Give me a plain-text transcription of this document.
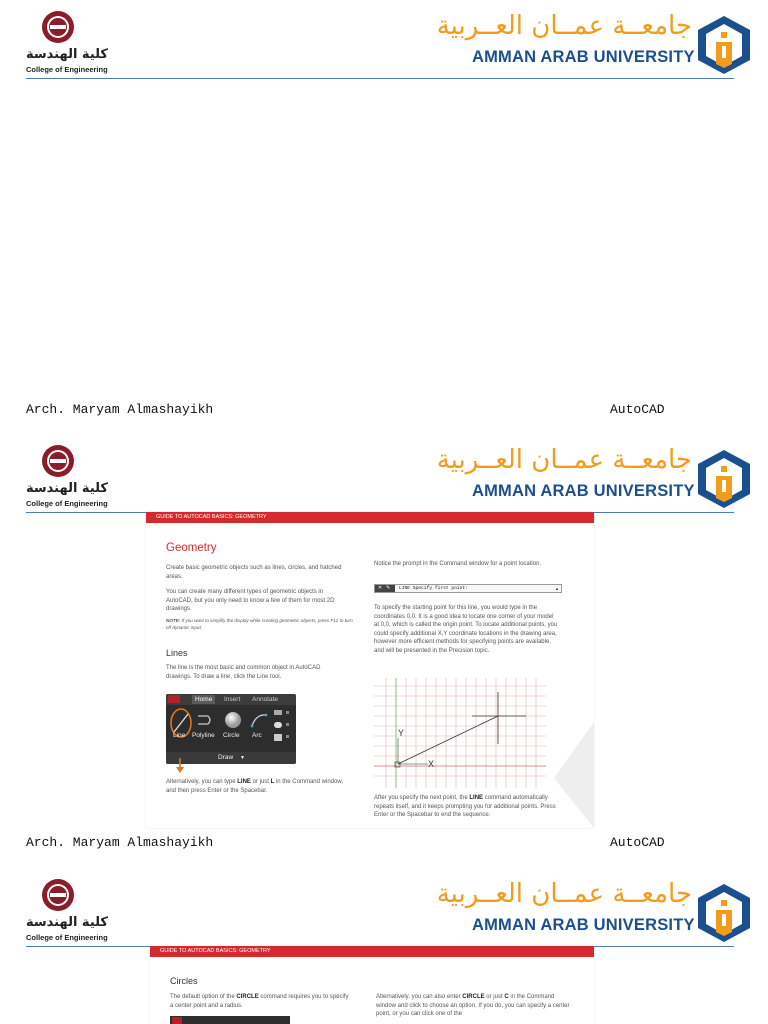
كلية الهندسة
College of Engineering
جامعــة عمــان العــربية
AMMAN ARAB UNIVERSITY
Arch. Maryam Almashayikh	AutoCAD
كلية الهندسة
College of Engineering
جامعــة عمــان العــربية
AMMAN ARAB UNIVERSITY
GUIDE TO AUTOCAD BASICS: GEOMETRY
Geometry
Create basic geometric objects such as lines, circles, and hatched areas.
You can create many different types of geometric objects in AutoCAD, but you only need to know a few of them for most 2D drawings.
NOTE: If you want to simplify the display while creating geometric objects, press F12 to turn off dynamic input.
Lines
The line is the most basic and common object in AutoCAD drawings. To draw a line, click the Line tool.
Home	Insert Annotate
Line Polyline Circle Arc
Draw ▼
Alternatively, you can type LINE or just L in the Command window, and then press Enter or the Spacebar.
Notice the prompt in the Command window for a point location.
✕ ✎ LINE Specify first point:	▲
To specify the starting point for this line, you would type in the coordinates 0,0. It is a good idea to locate one corner of your model at 0,0, which is called the origin point. To locate additional points, you could specify additional X,Y coordinate locations in the drawing area, however more efficient methods for specifying points are available, and will be presented in the Precision topic.
Y
X
After you specify the next point, the LINE command automatically repeats itself, and it keeps prompting you for additional points. Press Enter or the Spacebar to end the sequence.
Arch. Maryam Almashayikh	AutoCAD
كلية الهندسة
College of Engineering
جامعــة عمــان العــربية
AMMAN ARAB UNIVERSITY
GUIDE TO AUTOCAD BASICS: GEOMETRY
Circles
The default option of the CIRCLE command requires you to specify a center point and a radius.
Alternatively, you can also enter CIRCLE or just C in the Command window and click to choose an option. If you do, you can specify a center point, or you can click one of the
